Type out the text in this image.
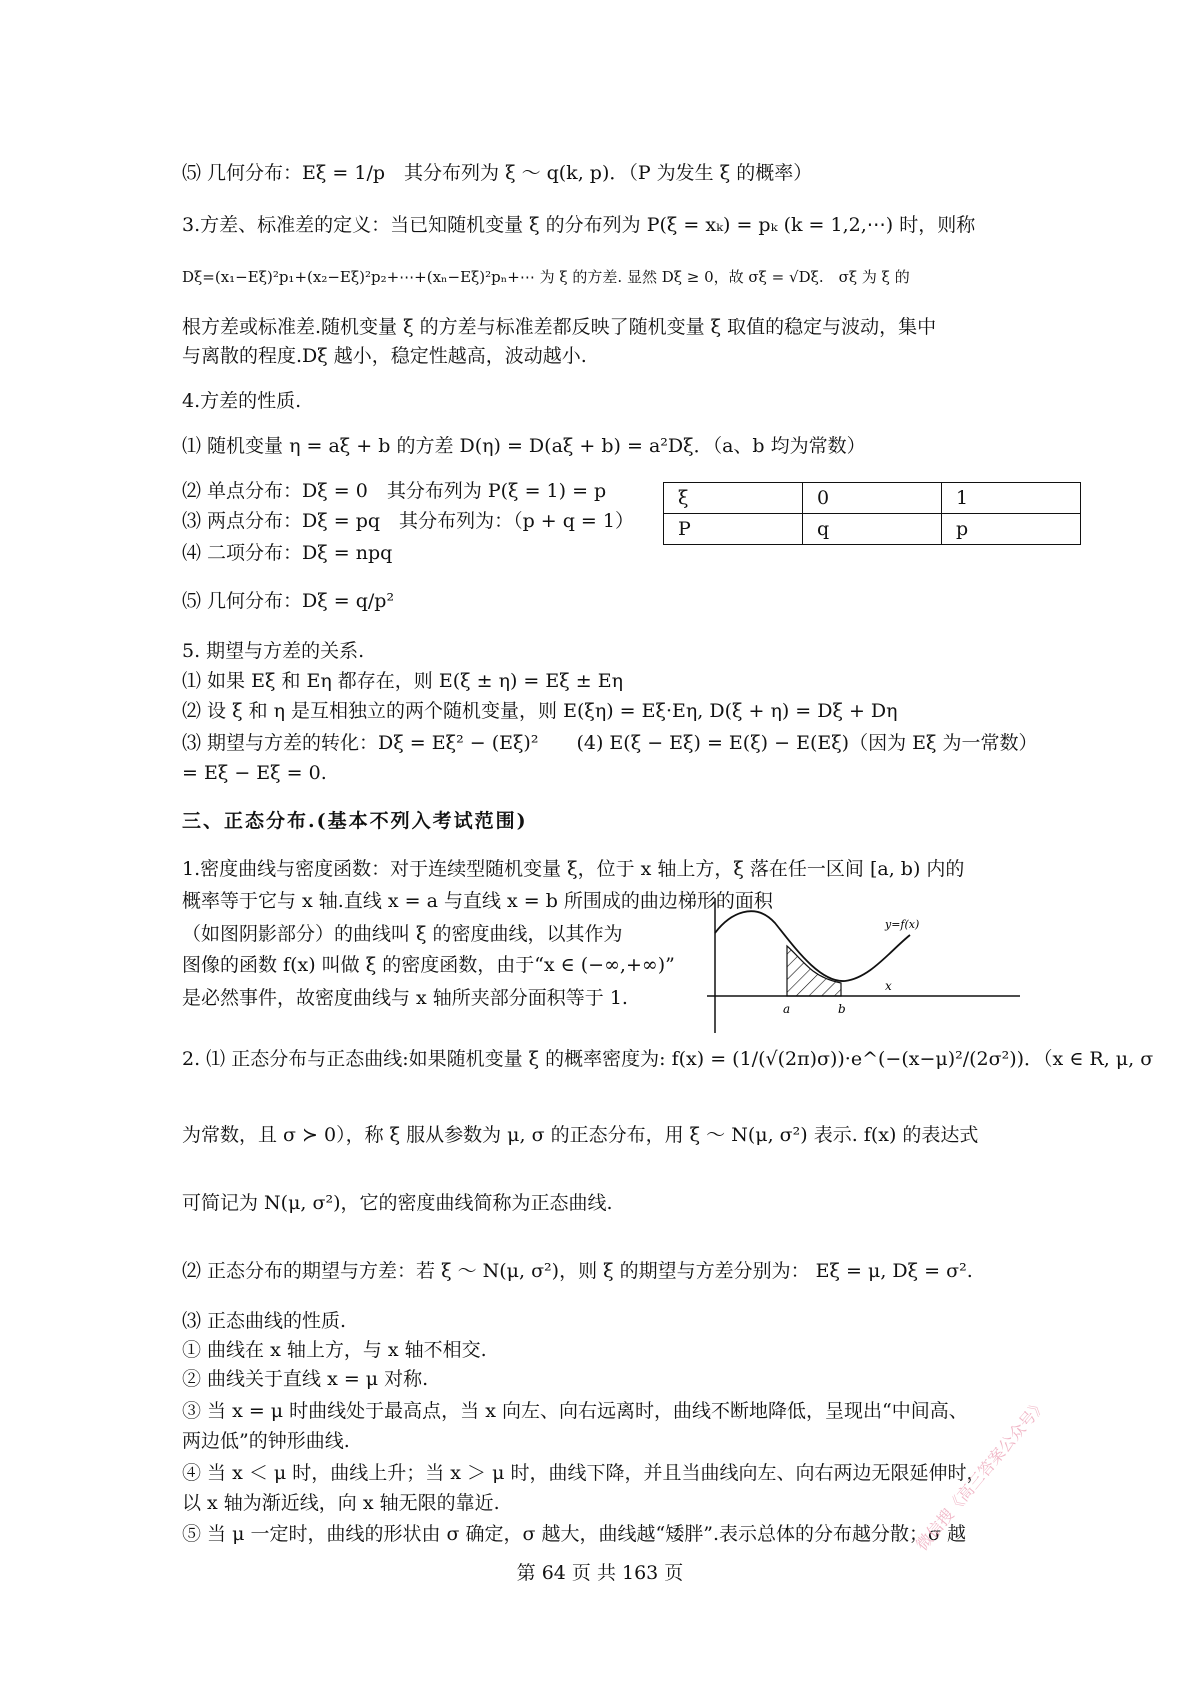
⑸ 几何分布：Eξ = 1/p　其分布列为 ξ ～ q(k, p)．（P 为发生 ξ 的概率）
3.方差、标准差的定义：当已知随机变量 ξ 的分布列为 P(ξ = xₖ) = pₖ (k = 1,2,⋯) 时，则称
Dξ=(x₁−Eξ)²p₁+(x₂−Eξ)²p₂+⋯+(xₙ−Eξ)²pₙ+⋯ 为 ξ 的方差. 显然 Dξ ≥ 0，故 σξ = √Dξ.　σξ 为 ξ 的
根方差或标准差.随机变量 ξ 的方差与标准差都反映了随机变量 ξ 取值的稳定与波动，集中
与离散的程度.Dξ 越小，稳定性越高，波动越小.
4.方差的性质.
⑴ 随机变量 η = aξ + b 的方差 D(η) = D(aξ + b) = a²Dξ．（a、b 均为常数）
⑵ 单点分布：Dξ = 0　其分布列为 P(ξ = 1) = p
⑶ 两点分布：Dξ = pq　其分布列为：（p + q = 1）
⑷ 二项分布：Dξ = npq
⑸ 几何分布：Dξ = q/p²
5. 期望与方差的关系.
⑴ 如果 Eξ 和 Eη 都存在，则 E(ξ ± η) = Eξ ± Eη
⑵ 设 ξ 和 η 是互相独立的两个随机变量，则 E(ξη) = Eξ·Eη, D(ξ + η) = Dξ + Dη
⑶ 期望与方差的转化：Dξ = Eξ² − (Eξ)²　　(4) E(ξ − Eξ) = E(ξ) − E(Eξ)（因为 Eξ 为一常数）
= Eξ − Eξ = 0.
三、正态分布.(基本不列入考试范围)
1.密度曲线与密度函数：对于连续型随机变量 ξ，位于 x 轴上方，ξ 落在任一区间 [a, b) 内的
概率等于它与 x 轴.直线 x = a 与直线 x = b 所围成的曲边梯形的面积
（如图阴影部分）的曲线叫 ξ 的密度曲线，以其作为
图像的函数 f(x) 叫做 ξ 的密度函数，由于“x ∈ (−∞,+∞)”
是必然事件，故密度曲线与 x 轴所夹部分面积等于 1.
2. ⑴ 正态分布与正态曲线:如果随机变量 ξ 的概率密度为: f(x) = (1/(√(2π)σ))·e^(−(x−μ)²/(2σ²))．（x ∈ R, μ, σ
为常数，且 σ ≻ 0），称 ξ 服从参数为 μ, σ 的正态分布，用 ξ ～ N(μ, σ²) 表示. f(x) 的表达式
可简记为 N(μ, σ²)，它的密度曲线简称为正态曲线.
⑵ 正态分布的期望与方差：若 ξ ～ N(μ, σ²)，则 ξ 的期望与方差分别为： Eξ = μ, Dξ = σ².
⑶ 正态曲线的性质.
① 曲线在 x 轴上方，与 x 轴不相交.
② 曲线关于直线 x = μ 对称.
③ 当 x = μ 时曲线处于最高点，当 x 向左、向右远离时，曲线不断地降低，呈现出“中间高、
两边低”的钟形曲线.
④ 当 x ＜ μ 时，曲线上升；当 x ＞ μ 时，曲线下降，并且当曲线向左、向右两边无限延伸时，
以 x 轴为渐近线，向 x 轴无限的靠近.
⑤ 当 μ 一定时，曲线的形状由 σ 确定，σ 越大，曲线越“矮胖”.表示总体的分布越分散；σ 越
ξ	0	1
P	q	p
y=f(x)
x
a	b
第 64 页 共 163 页
微信搜《高三答案公众号》
